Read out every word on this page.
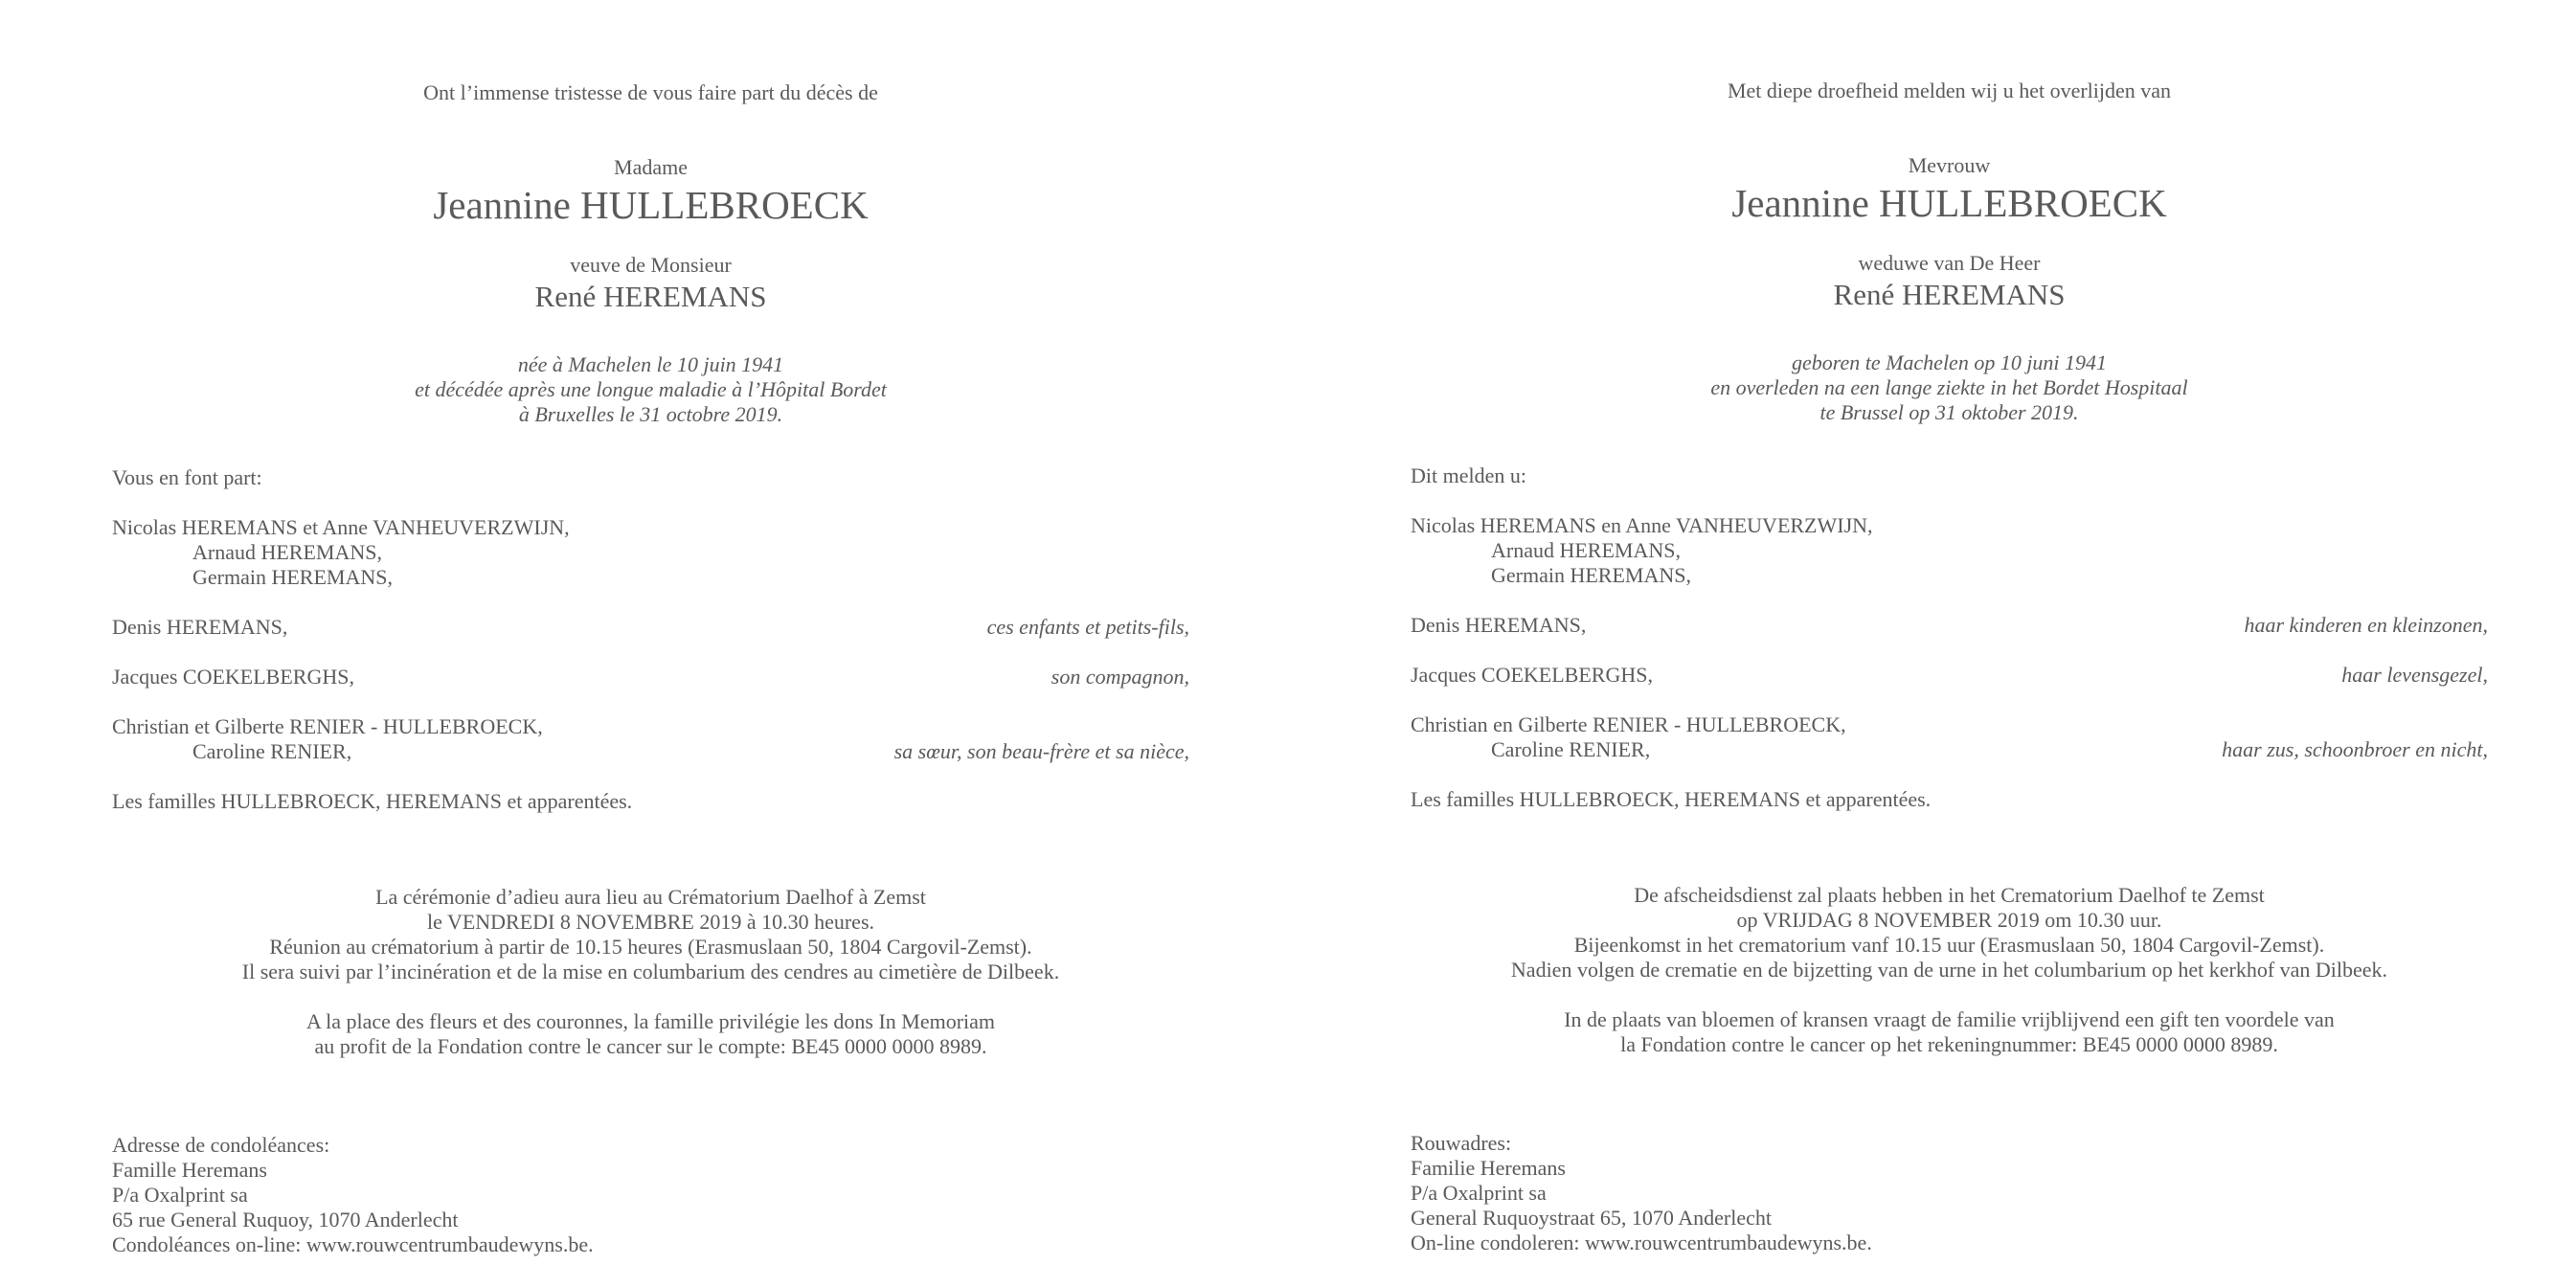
Ont l’immense tristesse de vous faire part du décès de
Madame
Jeannine HULLEBROECK
veuve de Monsieur
René HEREMANS
née à Machelen le 10 juin 1941
et décédée après une longue maladie à l’Hôpital Bordet
à Bruxelles le 31 octobre 2019.
Vous en font part:
Nicolas HEREMANS et Anne VANHEUVERZWIJN,
Arnaud HEREMANS,
Germain HEREMANS,
Denis HEREMANS,	ces enfants et petits-fils,
Jacques COEKELBERGHS,	son compagnon,
Christian et Gilberte RENIER - HULLEBROECK,
Caroline RENIER,	sa sœur, son beau-frère et sa nièce,
Les familles HULLEBROECK, HEREMANS et apparentées.
La cérémonie d’adieu aura lieu au Crématorium Daelhof à Zemst
le VENDREDI 8 NOVEMBRE 2019 à 10.30 heures.
Réunion au crématorium à partir de 10.15 heures (Erasmuslaan 50, 1804 Cargovil-Zemst).
Il sera suivi par l’incinération et de la mise en columbarium des cendres au cimetière de Dilbeek.
A la place des fleurs et des couronnes, la famille privilégie les dons In Memoriam
au profit de la Fondation contre le cancer sur le compte: BE45 0000 0000 8989.
Adresse de condoléances:
Famille Heremans
P/a Oxalprint sa
65 rue General Ruquoy, 1070 Anderlecht
Condoléances on-line: www.rouwcentrumbaudewyns.be.
Met diepe droefheid melden wij u het overlijden van
Mevrouw
Jeannine HULLEBROECK
weduwe van De Heer
René HEREMANS
geboren te Machelen op 10 juni 1941
en overleden na een lange ziekte in het Bordet Hospitaal
te Brussel op 31 oktober 2019.
Dit melden u:
Nicolas HEREMANS en Anne VANHEUVERZWIJN,
Arnaud HEREMANS,
Germain HEREMANS,
Denis HEREMANS,	haar kinderen en kleinzonen,
Jacques COEKELBERGHS,	haar levensgezel,
Christian en Gilberte RENIER - HULLEBROECK,
Caroline RENIER,	haar zus, schoonbroer en nicht,
Les familles HULLEBROECK, HEREMANS et apparentées.
De afscheidsdienst zal plaats hebben in het Crematorium Daelhof te Zemst
op VRIJDAG 8 NOVEMBER 2019 om 10.30 uur.
Bijeenkomst in het crematorium vanf 10.15 uur (Erasmuslaan 50, 1804 Cargovil-Zemst).
Nadien volgen de crematie en de bijzetting van de urne in het columbarium op het kerkhof van Dilbeek.
In de plaats van bloemen of kransen vraagt de familie vrijblijvend een gift ten voordele van
la Fondation contre le cancer op het rekeningnummer: BE45 0000 0000 8989.
Rouwadres:
Familie Heremans
P/a Oxalprint sa
General Ruquoystraat 65, 1070 Anderlecht
On-line condoleren: www.rouwcentrumbaudewyns.be.
